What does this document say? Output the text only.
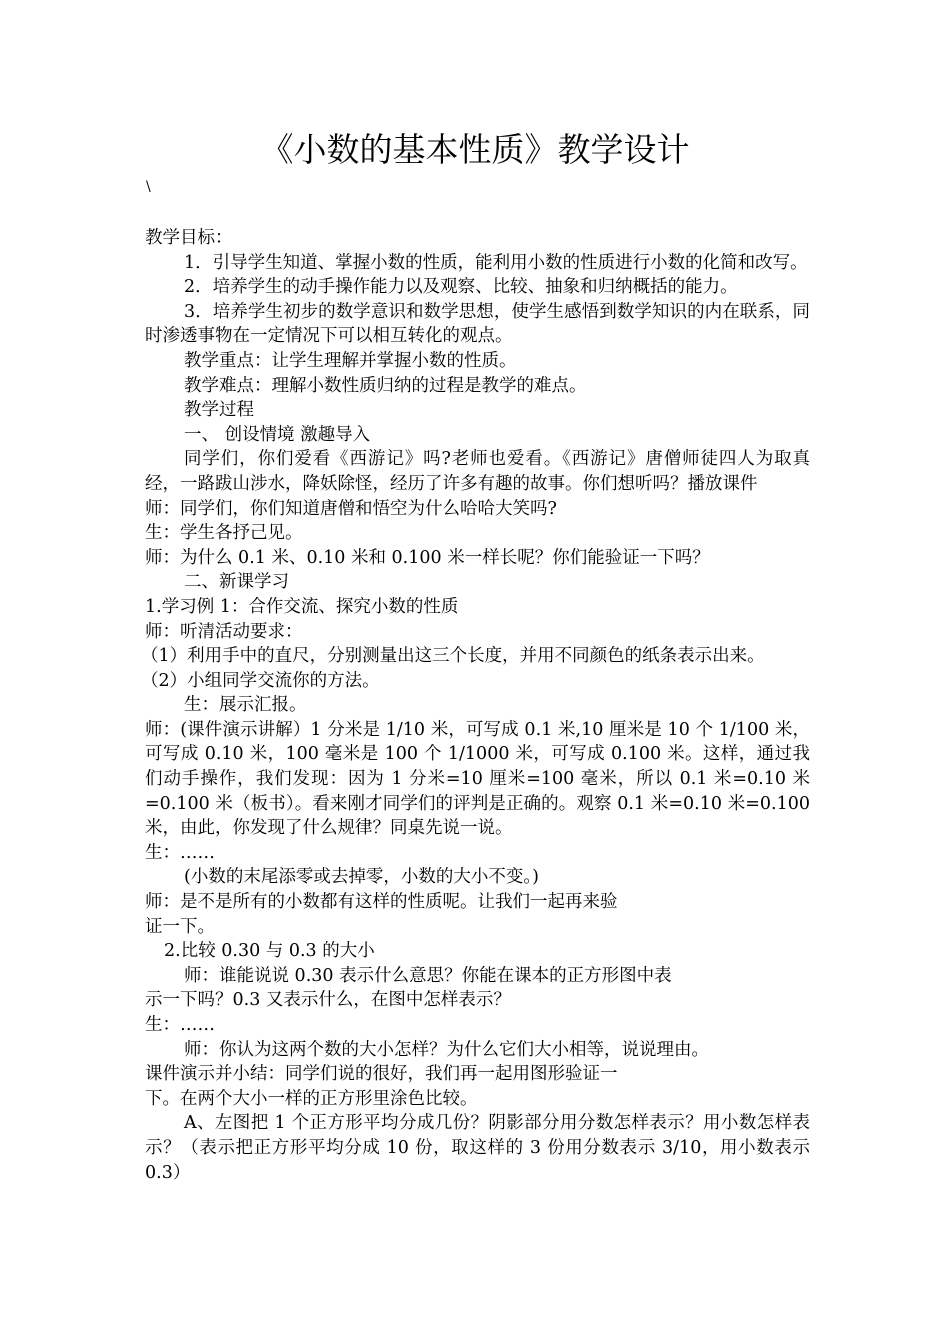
《小数的基本性质》教学设计
\

教学目标：

1．引导学生知道、掌握小数的性质，能利用小数的性质进行小数的化简和改写。

2．培养学生的动手操作能力以及观察、比较、抽象和归纳概括的能力。

3．培养学生初步的数学意识和数学思想，使学生感悟到数学知识的内在联系，同时渗透事物在一定情况下可以相互转化的观点。

教学重点：让学生理解并掌握小数的性质。

教学难点：理解小数性质归纳的过程是教学的难点。

教学过程

一、 创设情境 激趣导入

同学们，你们爱看《西游记》吗?老师也爱看。《西游记》唐僧师徒四人为取真经，一路跋山涉水，降妖除怪，经历了许多有趣的故事。你们想听吗？播放课件

师：同学们，你们知道唐僧和悟空为什么哈哈大笑吗?

生：学生各抒己见。

师：为什么 0.1 米、0.10 米和 0.100 米一样长呢？你们能验证一下吗？

二、新课学习

1.学习例 1：合作交流、探究小数的性质

师：听清活动要求：

（1）利用手中的直尺，分别测量出这三个长度，并用不同颜色的纸条表示出来。

（2）小组同学交流你的方法。

生：展示汇报。

师：(课件演示讲解）1 分米是 1/10 米，可写成 0.1 米,10 厘米是 10 个 1/100 米，可写成 0.10 米，100 毫米是 100 个 1/1000 米，可写成 0.100 米。这样，通过我们动手操作，我们发现：因为 1 分米=10 厘米=100 毫米，所以 0.1 米=0.10 米=0.100 米（板书）。看来刚才同学们的评判是正确的。观察 0.1 米=0.10 米=0.100 米，由此，你发现了什么规律？同桌先说一说。

生：……

(小数的末尾添零或去掉零，小数的大小不变。)

师：是不是所有的小数都有这样的性质呢。让我们一起再来验

证一下。

2.比较 0.30 与 0.3 的大小

师：谁能说说 0.30 表示什么意思？你能在课本的正方形图中表

示一下吗？0.3 又表示什么，在图中怎样表示？

生：……

师：你认为这两个数的大小怎样？为什么它们大小相等，说说理由。

课件演示并小结：同学们说的很好，我们再一起用图形验证一

下。在两个大小一样的正方形里涂色比较。

A、左图把 1 个正方形平均分成几份？阴影部分用分数怎样表示？用小数怎样表示？（表示把正方形平均分成 10 份，取这样的 3 份用分数表示 3/10，用小数表示 0.3）
